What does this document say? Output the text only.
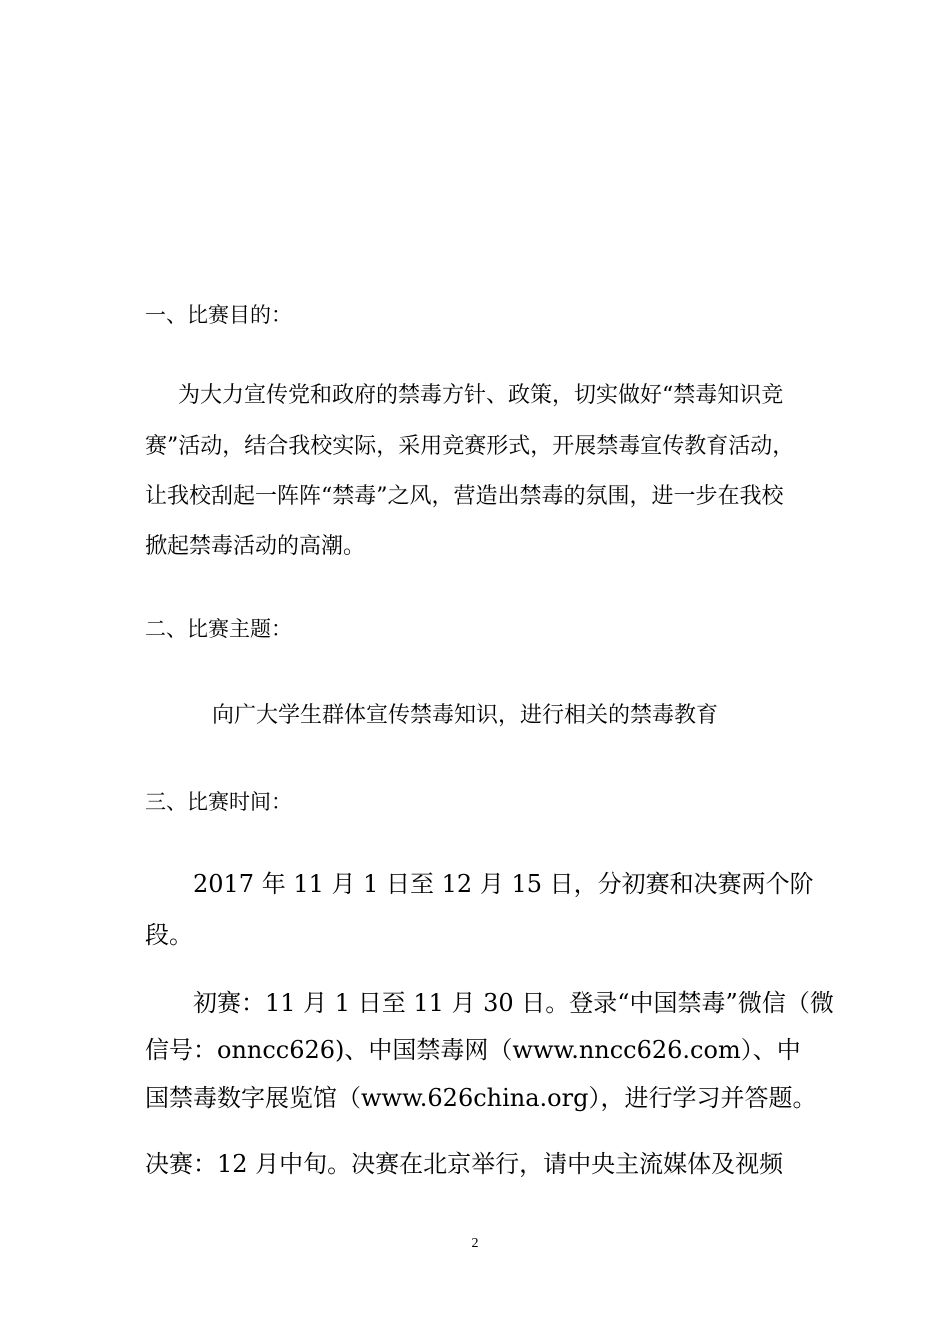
一、比赛目的：
为大力宣传党和政府的禁毒方针、政策，切实做好“禁毒知识竞
赛”活动，结合我校实际，采用竞赛形式，开展禁毒宣传教育活动，
让我校刮起一阵阵“禁毒”之风，营造出禁毒的氛围，进一步在我校
掀起禁毒活动的高潮。
二、比赛主题：
向广大学生群体宣传禁毒知识，进行相关的禁毒教育
三、比赛时间：
2017 年 11 月 1 日至 12 月 15 日，分初赛和决赛两个阶
段。
初赛：11 月 1 日至 11 月 30 日。登录“中国禁毒”微信（微
信号：onncc626)、中国禁毒网（www.nncc626.com）、中
国禁毒数字展览馆（www.626china.org），进行学习并答题。
决赛：12 月中旬。决赛在北京举行，请中央主流媒体及视频
2
